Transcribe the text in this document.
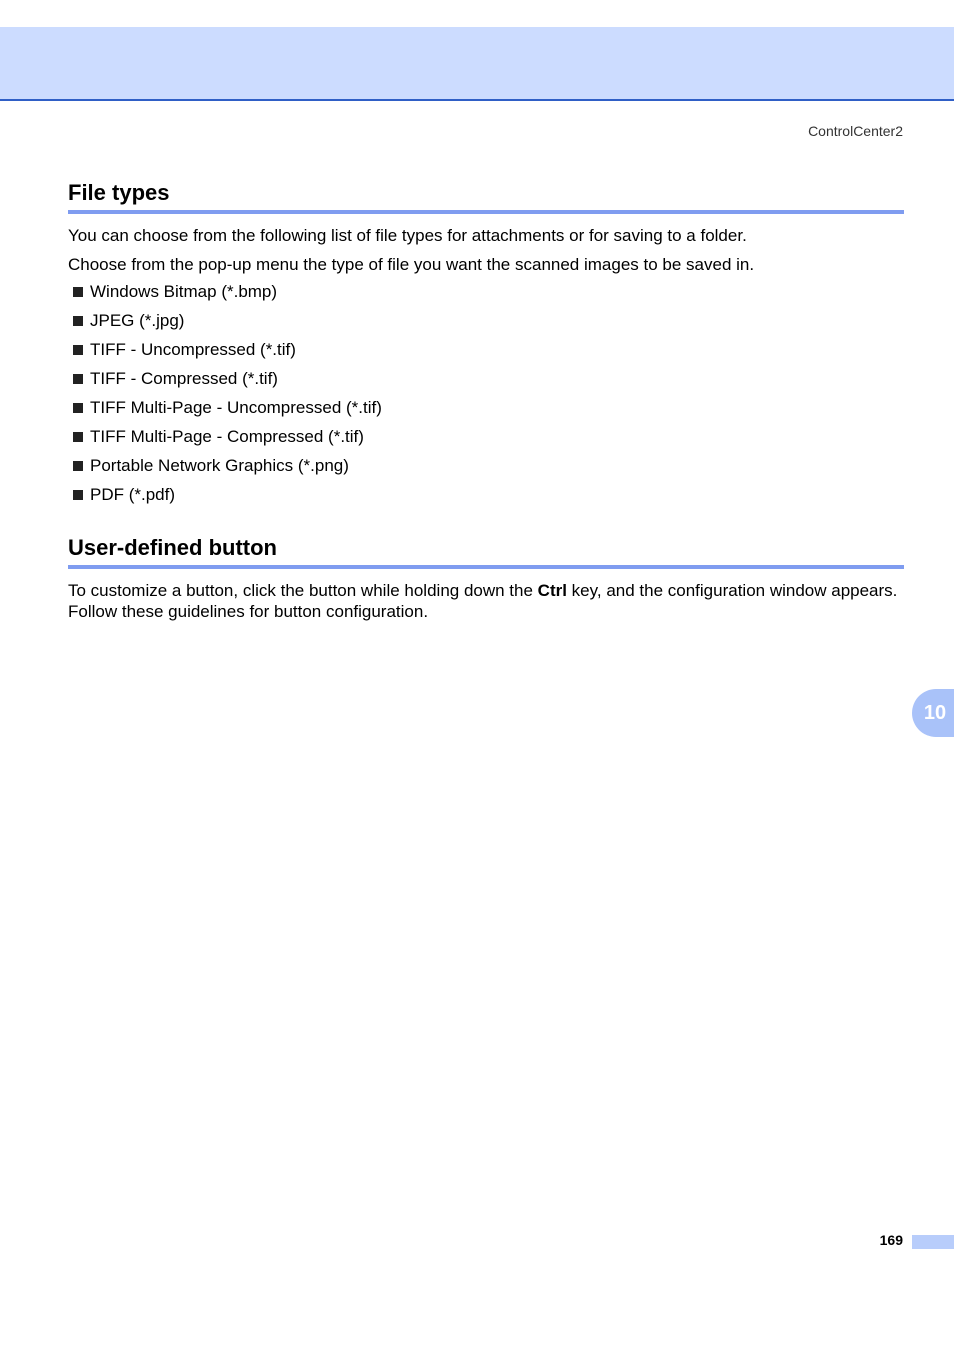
ControlCenter2
File types

You can choose from the following list of file types for attachments or for saving to a folder.

Choose from the pop-up menu the type of file you want the scanned images to be saved in.

Windows Bitmap (*.bmp)
JPEG (*.jpg)
TIFF - Uncompressed (*.tif)
TIFF - Compressed (*.tif)
TIFF Multi-Page - Uncompressed (*.tif)
TIFF Multi-Page - Compressed (*.tif)
Portable Network Graphics (*.png)
PDF (*.pdf)
User-defined button

To customize a button, click the button while holding down the Ctrl key, and the configuration window appears. Follow these guidelines for button configuration.

10
169
